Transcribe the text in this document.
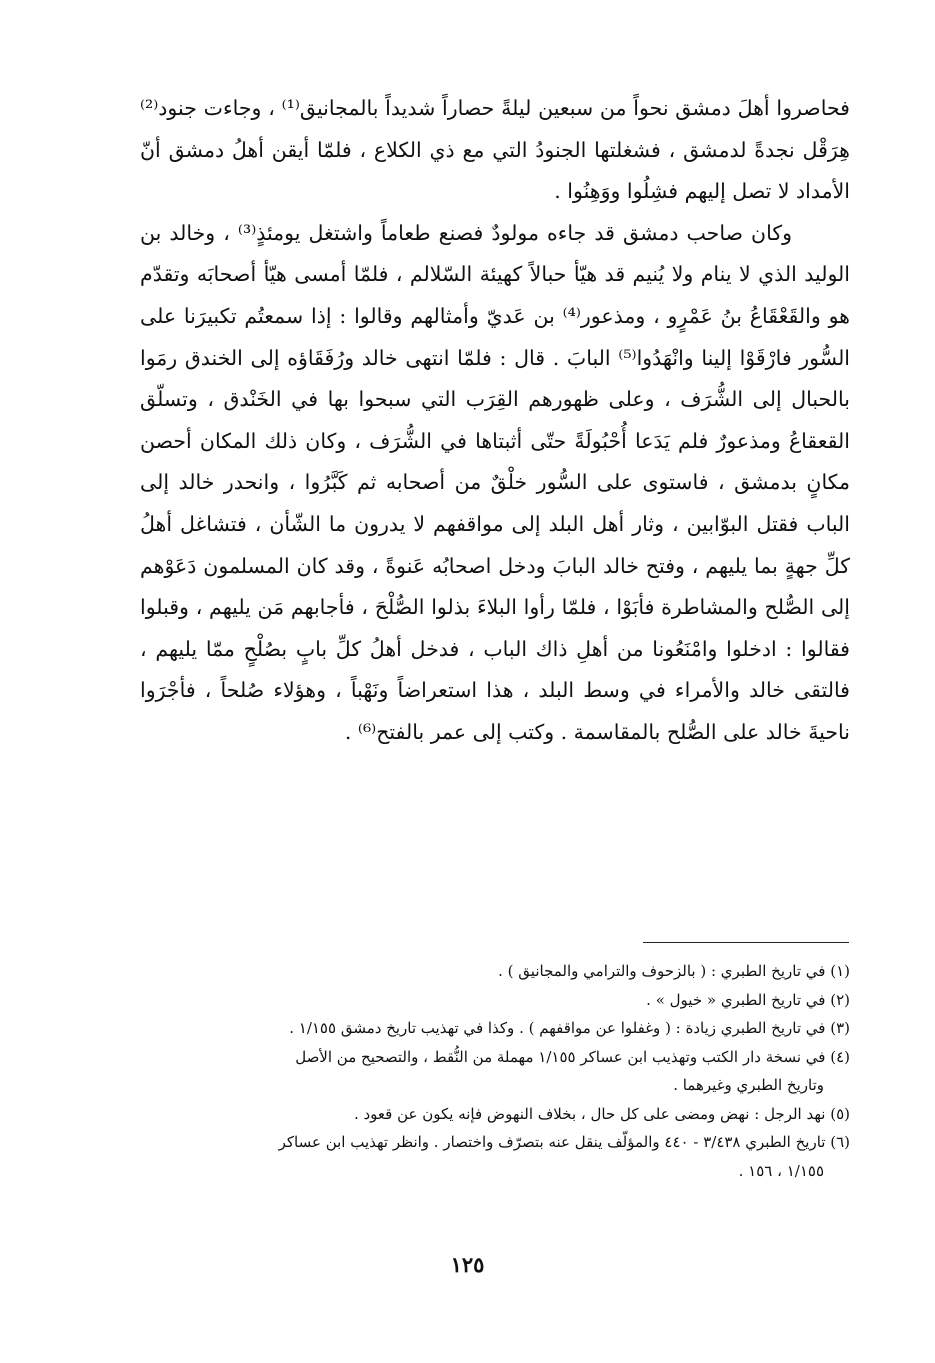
فحاصروا أهلَ دمشق نحواً من سبعين ليلةً حصاراً شديداً بالمجانيق⁽¹⁾ ، وجاءت جنود⁽²⁾ هِرَقْل نجدةً لدمشق ، فشغلتها الجنودُ التي مع ذي الكلاع ، فلمّا أيقن أهلُ دمشق أنّ الأمداد لا تصل إليهم فشِلُوا ووَهِنُوا .

وكان صاحب دمشق قد جاءه مولودٌ فصنع طعاماً واشتغل يومئذٍ⁽³⁾ ، وخالد بن الوليد الذي لا ينام ولا يُنيم قد هيّأ حبالاً كهيئة السّلالم ، فلمّا أمسى هيّأ أصحابَه وتقدّم هو والقَعْقَاعُ بنُ عَمْرٍو ، ومذعور⁽⁴⁾ بن عَديّ وأمثالهم وقالوا : إذا سمعتُم تكبيرَنا على السُّور فارْقَوْا إلينا وانْهَدُوا⁽⁵⁾ البابَ . قال : فلمّا انتهى خالد ورُفَقَاؤه إلى الخندق رمَوا بالحبال إلى الشُّرَف ، وعلى ظهورهم القِرَب التي سبحوا بها في الخَنْدق ، وتسلّق القعقاعُ ومذعورٌ فلم يَدَعا أُحْبُولَةً حتّى أثبتاها في الشُّرَف ، وكان ذلك المكان أحصن مكانٍ بدمشق ، فاستوى على السُّور خلْقٌ من أصحابه ثم كَبَّرُوا ، وانحدر خالد إلى الباب فقتل البوّابين ، وثار أهل البلد إلى مواقفهم لا يدرون ما الشّأن ، فتشاغل أهلُ كلِّ جهةٍ بما يليهم ، وفتح خالد البابَ ودخل اصحابُه عَنوةً ، وقد كان المسلمون دَعَوْهم إلى الصُّلح والمشاطرة فأبَوْا ، فلمّا رأوا البلاءَ بذلوا الصُّلْحَ ، فأجابهم مَن يليهم ، وقبلوا فقالوا : ادخلوا وامْنَعُونا من أهلِ ذاك الباب ، فدخل أهلُ كلِّ بابٍ بصُلْحٍ ممّا يليهم ، فالتقى خالد والأمراء في وسط البلد ، هذا استعراضاً ونَهْباً ، وهؤلاء صُلحاً ، فأجْرَوا ناحيةَ خالد على الصُّلح بالمقاسمة . وكتب إلى عمر بالفتح⁽⁶⁾ .

(١) في تاريخ الطبري : ( بالزحوف والترامي والمجانيق ) .

(٢) في تاريخ الطبري « خيول » .

(٣) في تاريخ الطبري زيادة : ( وغفلوا عن مواقفهم ) . وكذا في تهذيب تاريخ دمشق ١/١٥٥ .

(٤) في نسخة دار الكتب وتهذيب ابن عساكر ١/١٥٥ مهملة من النُّقط ، والتصحيح من الأصل

وتاريخ الطبري وغيرهما .

(٥) نهد الرجل : نهض ومضى على كل حال ، بخلاف النهوض فإنه يكون عن قعود .

(٦) تاريخ الطبري ٣/٤٣٨ - ٤٤٠ والمؤلّف ينقل عنه بتصرّف واختصار . وانظر تهذيب ابن عساكر

١/١٥٥ ، ١٥٦ .

١٢٥
